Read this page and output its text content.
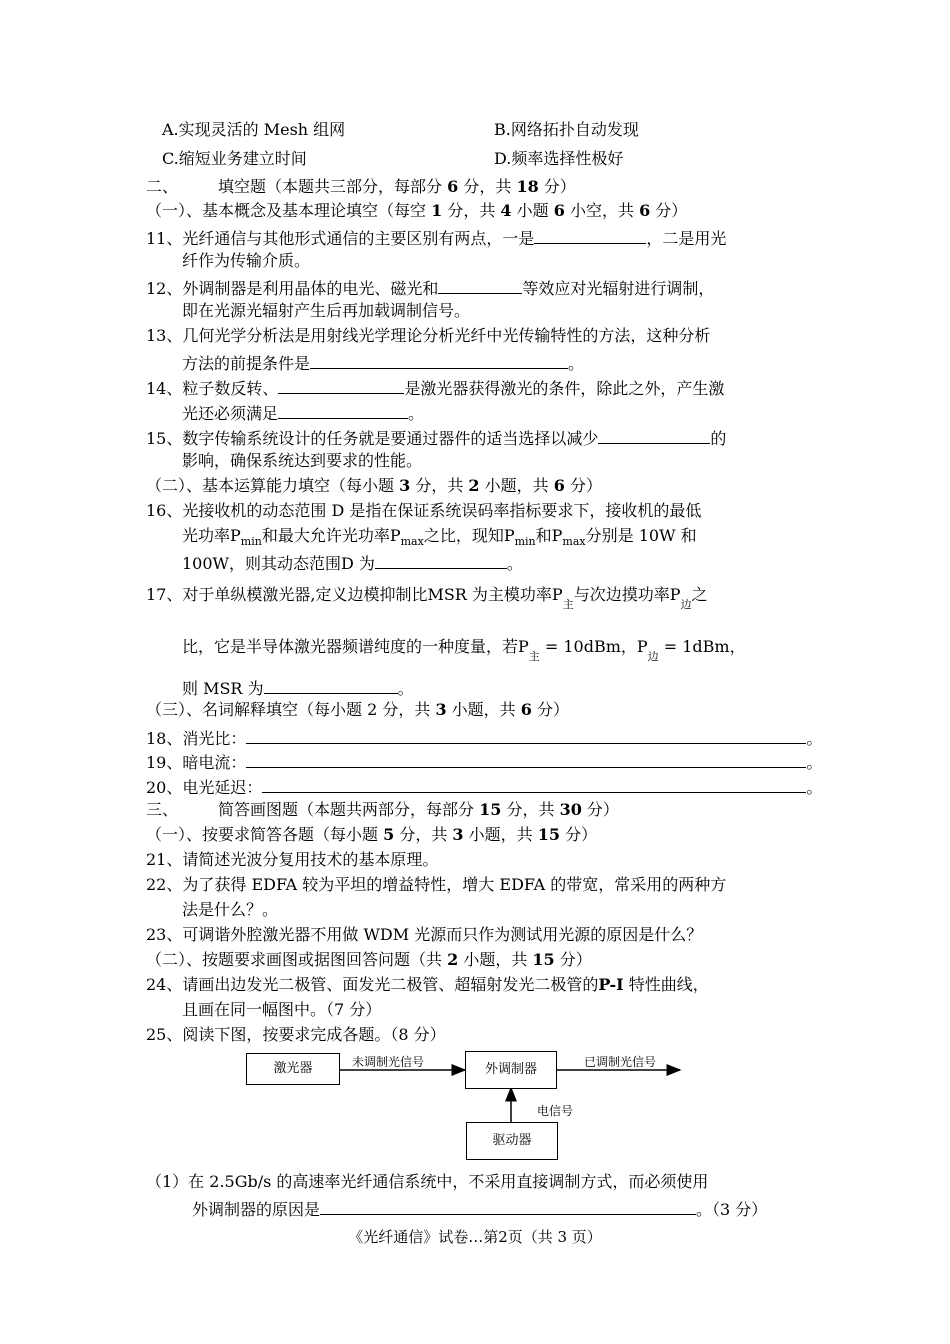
A.实现灵活的 Mesh 组网	B.网络拓扑自动发现
C.缩短业务建立时间	D.频率选择性极好
二、	填空题（本题共三部分，每部分 6 分，共 18 分）
（一）、基本概念及基本理论填空（每空 1 分，共 4 小题 6 小空，共 6 分）
11、光纤通信与其他形式通信的主要区别有两点，一是	，二是用光
纤作为传输介质。
12、外调制器是利用晶体的电光、磁光和	等效应对光辐射进行调制，
即在光源光辐射产生后再加载调制信号。
13、几何光学分析法是用射线光学理论分析光纤中光传输特性的方法，这种分析
方法的前提条件是	。
14、粒子数反转、	是激光器获得激光的条件，除此之外，产生激
光还必须满足	。
15、数字传输系统设计的任务就是要通过器件的适当选择以减少	的
影响，确保系统达到要求的性能。
（二）、基本运算能力填空（每小题 3 分，共 2 小题，共 6 分）
16、光接收机的动态范围 D 是指在保证系统误码率指标要求下，接收机的最低
光功率$P_{min}$和最大允许光功率$P_{max}$之比，现知$P_{min}$和$P_{max}$分别是 10W 和
100W，则其动态范围D 为	。
17、对于单纵模激光器,定义边模抑制比MSR 为主模功率$P_主$与次边摸功率$P_边$之
比，它是半导体激光器频谱纯度的一种度量，若$P_主 = 10dBm$，$P_边 = 1dBm$，
则 MSR 为	。
（三）、名词解释填空（每小题 2 分，共 3 小题，共 6 分）
18、消光比：	。
19、暗电流：	。
20、电光延迟：	。
三、	简答画图题（本题共两部分，每部分 15 分，共 30 分）
（一）、按要求简答各题（每小题 5 分，共 3 小题，共 15 分）
21、请简述光波分复用技术的基本原理。
22、为了获得 EDFA 较为平坦的增益特性，增大 EDFA 的带宽，常采用的两种方
法是什么？。
23、可调谐外腔激光器不用做 WDM 光源而只作为测试用光源的原因是什么？
（二）、按题要求画图或据图回答问题（共 2 小题，共 15 分）
24、请画出边发光二极管、面发光二极管、超辐射发光二极管的P-I 特性曲线，
且画在同一幅图中。（7 分）
25、阅读下图，按要求完成各题。（8 分）
激光器	外调制器
驱动器
未调制光信号	已调制光信号
电信号
（1）在 2.5Gb/s 的高速率光纤通信系统中，不采用直接调制方式，而必须使用
外调制器的原因是	。（3 分）
《光纤通信》试卷…第2页（共 3 页）
